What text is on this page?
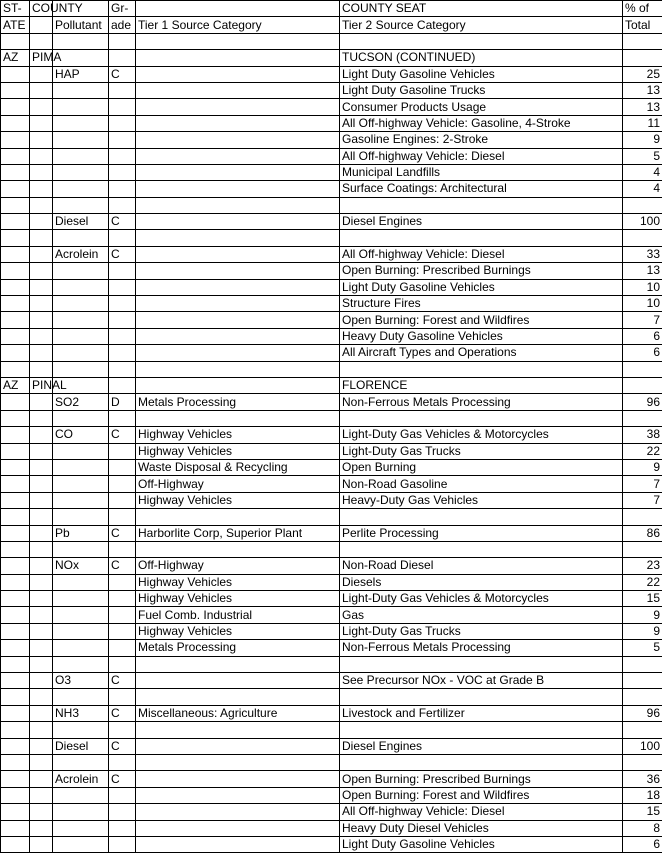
ST-	COUNTY		Gr-		COUNTY SEAT	% of
ATE		Pollutant	ade	Tier 1 Source Category	Tier 2 Source Category	Total

AZ	PIMA				TUCSON (CONTINUED)	
		HAP	C		Light Duty Gasoline Vehicles	25
					Light Duty Gasoline Trucks	13
					Consumer Products Usage	13
					All Off-highway Vehicle: Gasoline, 4-Stroke	11
					Gasoline Engines: 2-Stroke	9
					All Off-highway Vehicle: Diesel	5
					Municipal Landfills	4
					Surface Coatings: Architectural	4

		Diesel	C		Diesel Engines	100

		Acrolein	C		All Off-highway Vehicle: Diesel	33
					Open Burning: Prescribed Burnings	13
					Light Duty Gasoline Vehicles	10
					Structure Fires	10
					Open Burning: Forest and Wildfires	7
					Heavy Duty Gasoline Vehicles	6
					All Aircraft Types and Operations	6

AZ	PINAL				FLORENCE	
		SO2	D	Metals Processing	Non-Ferrous Metals Processing	96

		CO	C	Highway Vehicles	Light-Duty Gas Vehicles & Motorcycles	38
				Highway Vehicles	Light-Duty Gas Trucks	22
				Waste Disposal & Recycling	Open Burning	9
				Off-Highway	Non-Road Gasoline	7
				Highway Vehicles	Heavy-Duty Gas Vehicles	7

		Pb	C	Harborlite Corp, Superior Plant	Perlite Processing	86

		NOx	C	Off-Highway	Non-Road Diesel	23
				Highway Vehicles	Diesels	22
				Highway Vehicles	Light-Duty Gas Vehicles & Motorcycles	15
				Fuel Comb. Industrial	Gas	9
				Highway Vehicles	Light-Duty Gas Trucks	9
				Metals Processing	Non-Ferrous Metals Processing	5

		O3	C		See Precursor NOx - VOC at Grade B	

		NH3	C	Miscellaneous: Agriculture	Livestock and Fertilizer	96

		Diesel	C		Diesel Engines	100

		Acrolein	C		Open Burning: Prescribed Burnings	36
					Open Burning: Forest and Wildfires	18
					All Off-highway Vehicle: Diesel	15
					Heavy Duty Diesel Vehicles	8
					Light Duty Gasoline Vehicles	6
